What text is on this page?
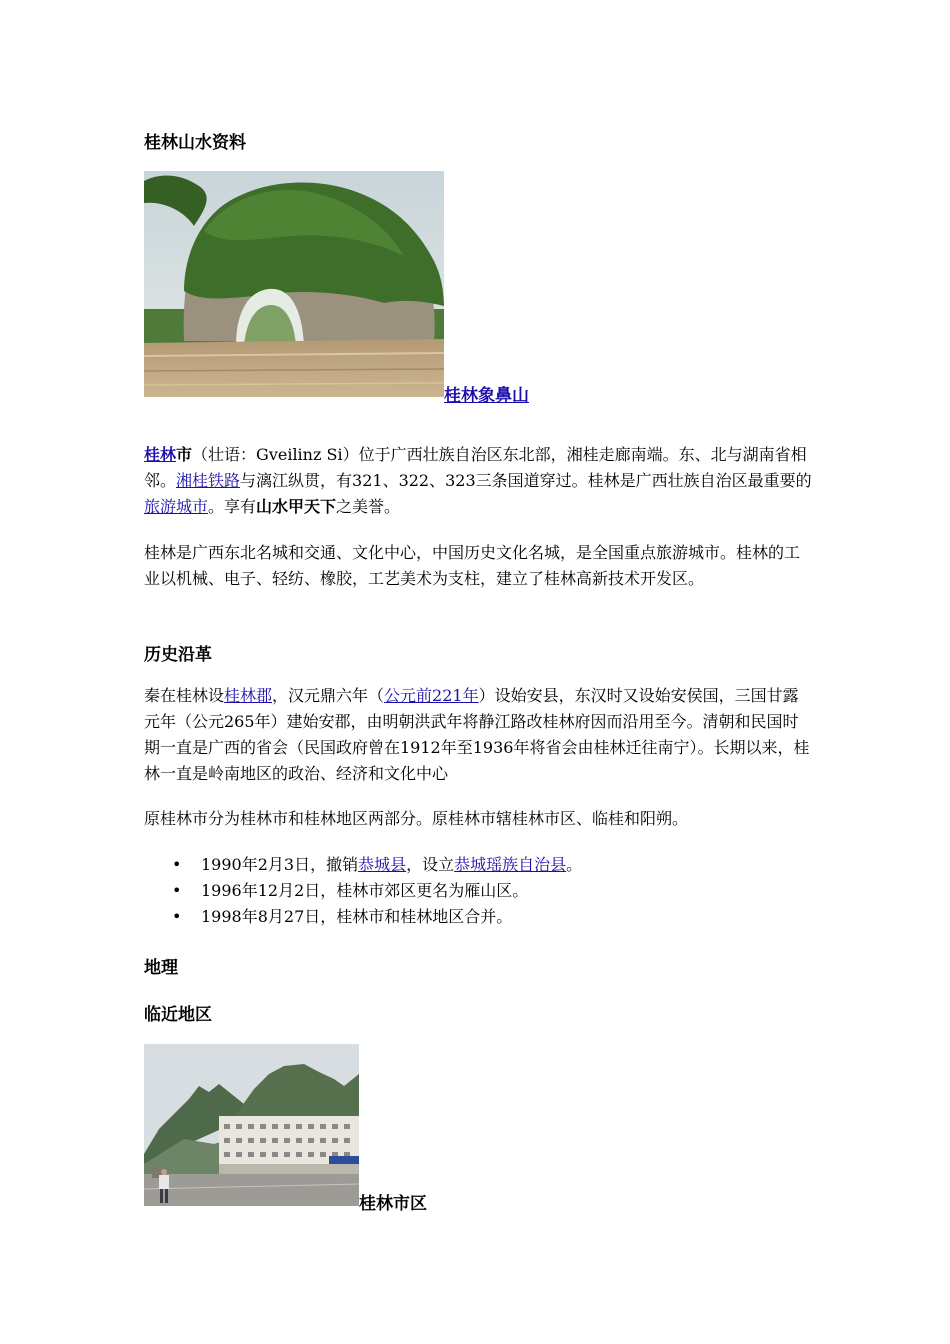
桂林山水资料
桂林象鼻山
桂林市（壮语：Gveilinz Si）位于广西壮族自治区东北部，湘桂走廊南端。东、北与湖南省相邻。湘桂铁路与漓江纵贯，有321、322、323三条国道穿过。桂林是广西壮族自治区最重要的旅游城市。享有山水甲天下之美誉。
桂林是广西东北名城和交通、文化中心，中国历史文化名城，是全国重点旅游城市。桂林的工业以机械、电子、轻纺、橡胶，工艺美术为支柱，建立了桂林高新技术开发区。
历史沿革
秦在桂林设桂林郡，汉元鼎六年（公元前221年）设始安县，东汉时又设始安侯国，三国甘露元年（公元265年）建始安郡，由明朝洪武年将静江路改桂林府因而沿用至今。清朝和民国时期一直是广西的省会（民国政府曾在1912年至1936年将省会由桂林迁往南宁）。长期以来，桂林一直是岭南地区的政治、经济和文化中心
原桂林市分为桂林市和桂林地区两部分。原桂林市辖桂林市区、临桂和阳朔。
• 1990年2月3日，撤销恭城县，设立恭城瑶族自治县。
• 1996年12月2日，桂林市郊区更名为雁山区。
• 1998年8月27日，桂林市和桂林地区合并。
地理
临近地区
桂林市区
